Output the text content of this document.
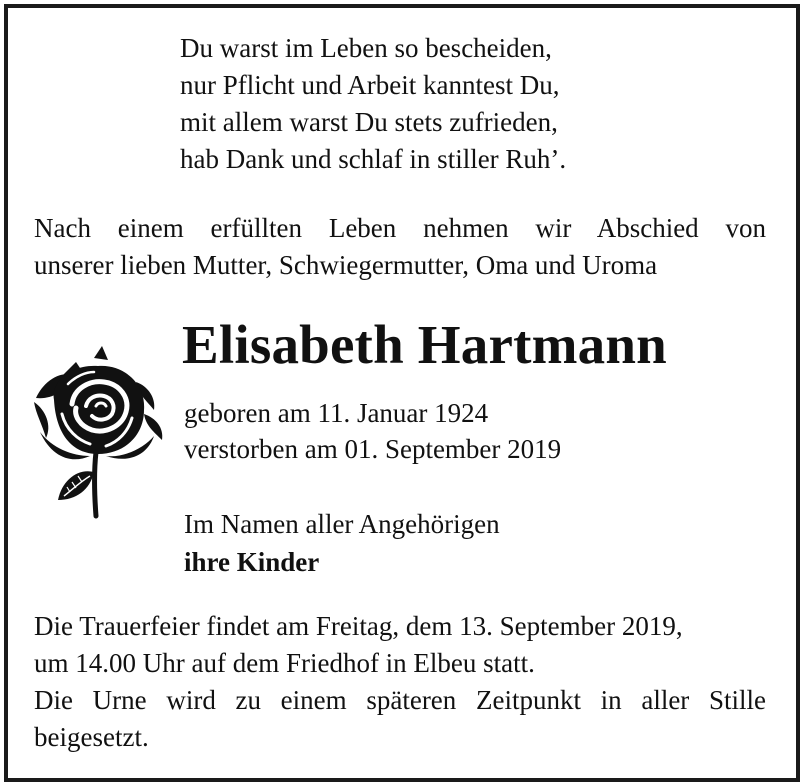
Du warst im Leben so bescheiden,
nur Pflicht und Arbeit kanntest Du,
mit allem warst Du stets zufrieden,
hab Dank und schlaf in stiller Ruh’.
Nach einem erfüllten Leben nehmen wir Abschied von
unserer lieben Mutter, Schwiegermutter, Oma und Uroma
Elisabeth Hartmann
geboren am 11. Januar 1924
verstorben am 01. September 2019
Im Namen aller Angehörigen
ihre Kinder
Die Trauerfeier findet am Freitag, dem 13. September 2019,
um 14.00 Uhr auf dem Friedhof in Elbeu statt.
Die Urne wird zu einem späteren Zeitpunkt in aller Stille
beigesetzt.
